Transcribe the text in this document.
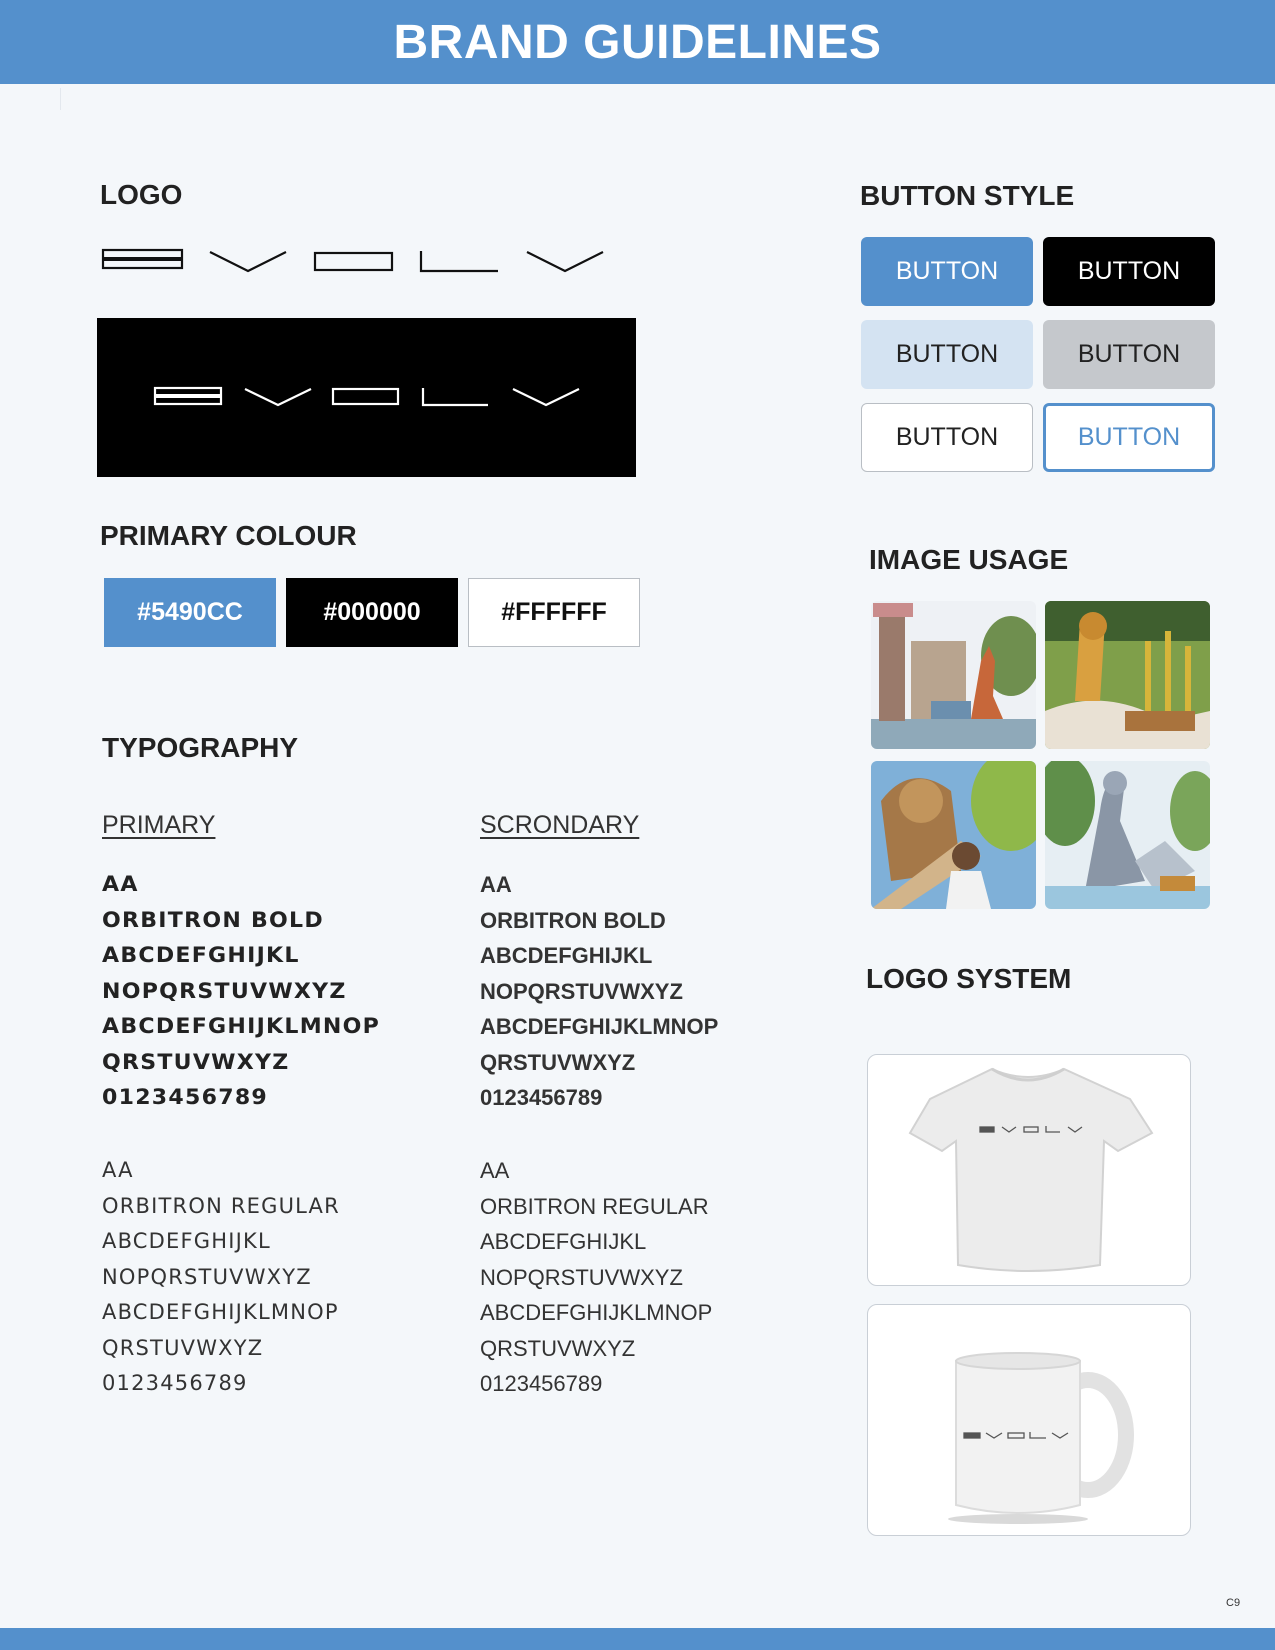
BRAND GUIDELINES
LOGO
PRIMARY COLOUR
#5490CC	#000000	#FFFFFF
TYPOGRAPHY
PRIMARY	SCRONDARY
AA
ORBITRON BOLD
ABCDEFGHIJKL
NOPQRSTUVWXYZ
ABCDEFGHIJKLMNOP
QRSTUVWXYZ
0123456789
AA
ORBITRON REGULAR
ABCDEFGHIJKL
NOPQRSTUVWXYZ
ABCDEFGHIJKLMNOP
QRSTUVWXYZ
0123456789
AA
ORBITRON BOLD
ABCDEFGHIJKL
NOPQRSTUVWXYZ
ABCDEFGHIJKLMNOP
QRSTUVWXYZ
0123456789
AA
ORBITRON REGULAR
ABCDEFGHIJKL
NOPQRSTUVWXYZ
ABCDEFGHIJKLMNOP
QRSTUVWXYZ
0123456789
BUTTON STYLE
BUTTON	BUTTON
BUTTON	BUTTON
BUTTON	BUTTON
IMAGE USAGE
LOGO SYSTEM
C9
